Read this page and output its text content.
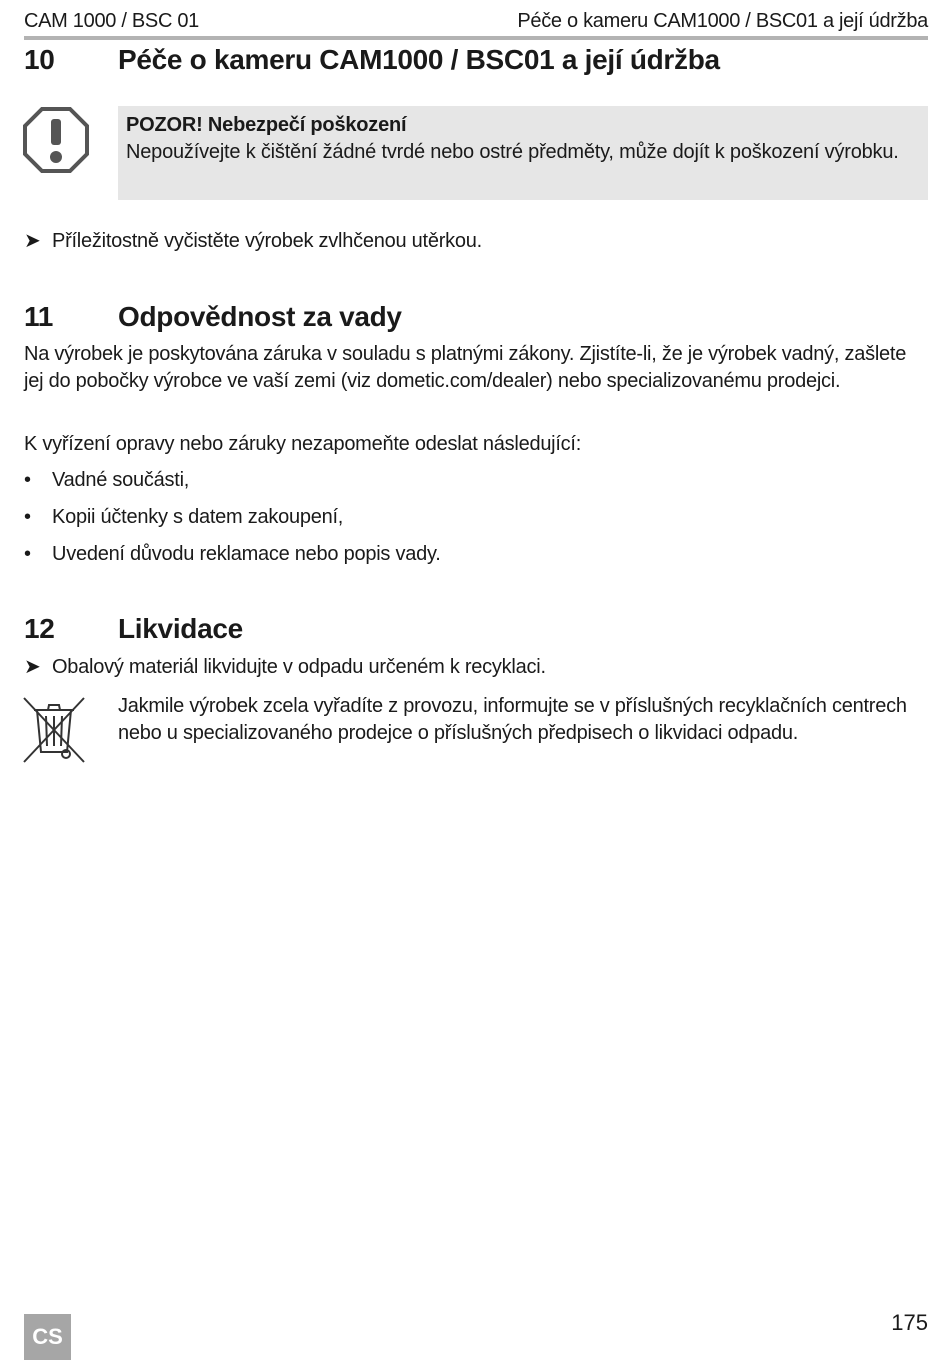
CAM 1000 / BSC 01	Péče o kameru CAM1000 / BSC01 a její údržba
10 Péče o kameru CAM1000 / BSC01 a její údržba
POZOR! Nebezpečí poškození
Nepoužívejte k čištění žádné tvrdé nebo ostré předměty, může dojít k poškození výrobku.
➤ Příležitostně vyčistěte výrobek zvlhčenou utěrkou.
11 Odpovědnost za vady
Na výrobek je poskytována záruka v souladu s platnými zákony. Zjistíte-li, že je výrobek vadný, zašlete jej do pobočky výrobce ve vaší zemi (viz dometic.com/dealer) nebo specializovanému prodejci.
K vyřízení opravy nebo záruky nezapomeňte odeslat následující:
• Vadné součásti,
• Kopii účtenky s datem zakoupení,
• Uvedení důvodu reklamace nebo popis vady.
12 Likvidace
➤ Obalový materiál likvidujte v odpadu určeném k recyklaci.
Jakmile výrobek zcela vyřadíte z provozu, informujte se v příslušných recyklačních centrech nebo u specializovaného prodejce o příslušných předpisech o likvidaci odpadu.
CS
175
